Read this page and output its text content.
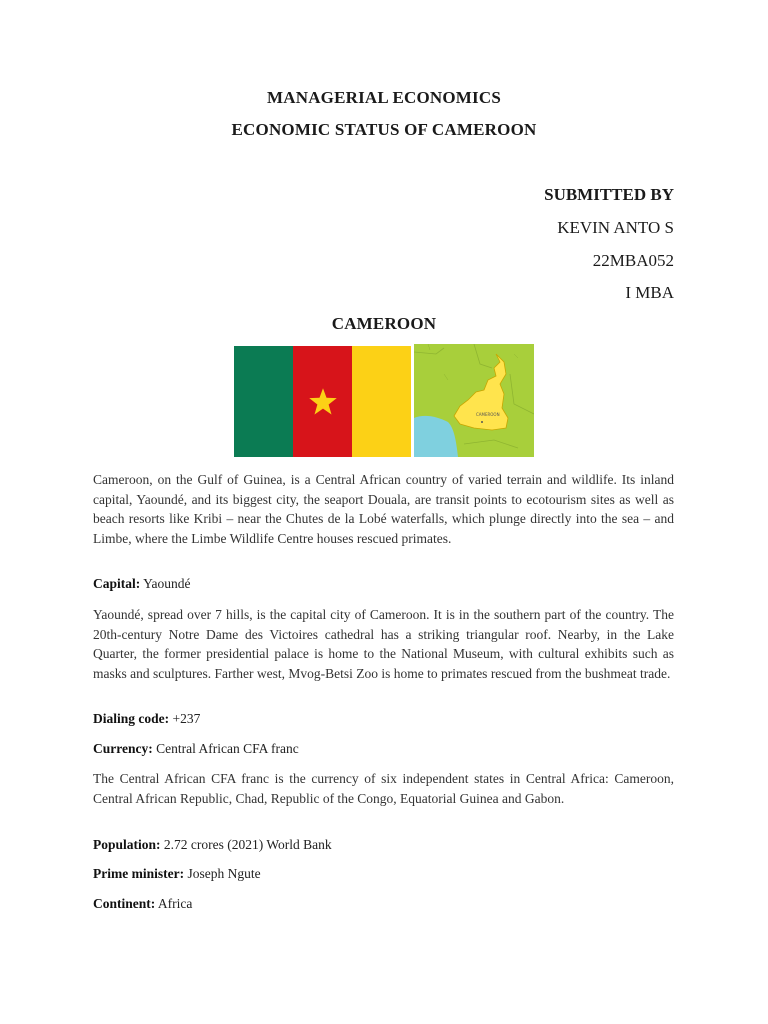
MANAGERIAL ECONOMICS
ECONOMIC STATUS OF CAMEROON
SUBMITTED BY
KEVIN ANTO S
22MBA052
I MBA
CAMEROON
CAMEROON
Cameroon, on the Gulf of Guinea, is a Central African country of varied terrain and wildlife. Its inland capital, Yaoundé, and its biggest city, the seaport Douala, are transit points to ecotourism sites as well as beach resorts like Kribi – near the Chutes de la Lobé waterfalls, which plunge directly into the sea – and Limbe, where the Limbe Wildlife Centre houses rescued primates.
Capital: Yaoundé
Yaoundé, spread over 7 hills, is the capital city of Cameroon. It is in the southern part of the country. The 20th-century Notre Dame des Victoires cathedral has a striking triangular roof. Nearby, in the Lake Quarter, the former presidential palace is home to the National Museum, with cultural exhibits such as masks and sculptures. Farther west, Mvog-Betsi Zoo is home to primates rescued from the bushmeat trade.
Dialing code: +237
Currency: Central African CFA franc
The Central African CFA franc is the currency of six independent states in Central Africa: Cameroon, Central African Republic, Chad, Republic of the Congo, Equatorial Guinea and Gabon.
Population: 2.72 crores (2021) World Bank
Prime minister: Joseph Ngute
Continent: Africa
